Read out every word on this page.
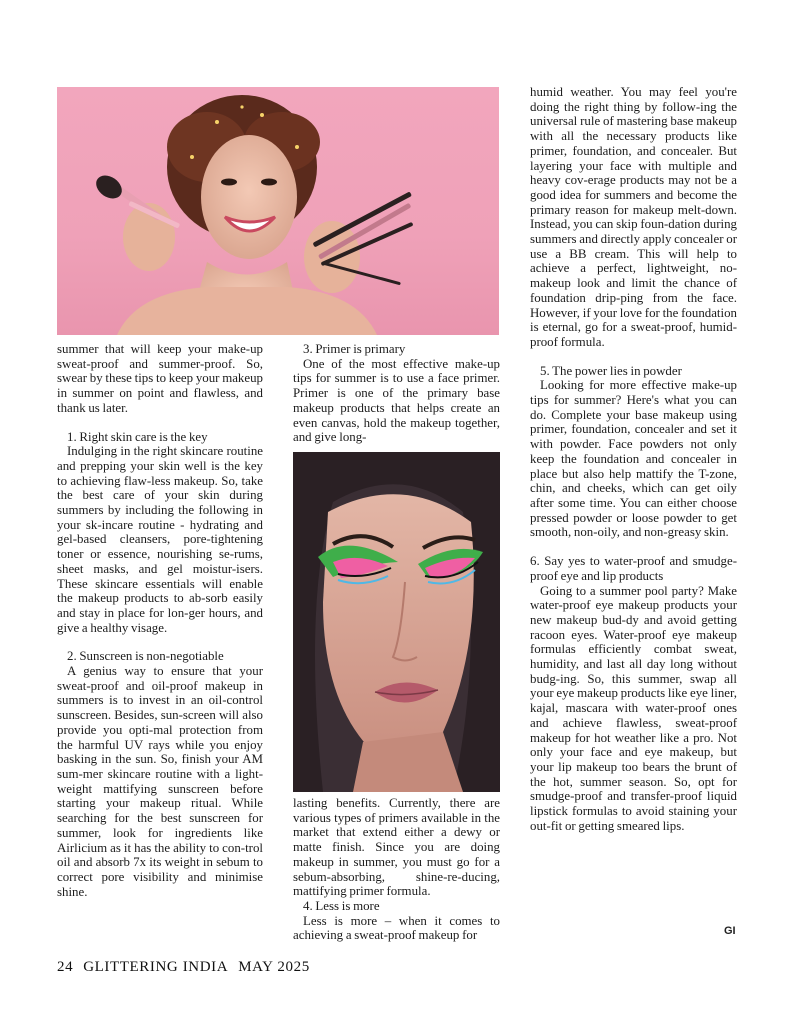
summer that will keep your make-up sweat-proof and summer-proof. So, swear by these tips to keep your makeup in summer on point and flawless, and thank us later.

1. Right skin care is the key

Indulging in the right skincare routine and prepping your skin well is the key to achieving flaw-less makeup. So, take the best care of your skin during summers by including the following in your sk-incare routine - hydrating and gel-based cleansers, pore-tightening toner or essence, nourishing se-rums, sheet masks, and gel moistur-isers. These skincare essentials will enable the makeup products to ab-sorb easily and stay in place for lon-ger hours, and give a healthy visage.

2. Sunscreen is non-negotiable

A genius way to ensure that your sweat-proof and oil-proof makeup in summers is to invest in an oil-control sunscreen. Besides, sun-screen will also provide you opti-mal protection from the harmful UV rays while you enjoy basking in the sun. So, finish your AM sum-mer skincare routine with a light-weight mattifying sunscreen before starting your makeup ritual. While searching for the best sunscreen for summer, look for ingredients like Airlicium as it has the ability to con-trol oil and absorb 7x its weight in sebum to correct pore visibility and minimise shine.

3. Primer is primary

One of the most effective make-up tips for summer is to use a face primer. Primer is one of the primary base makeup products that helps create an even canvas, hold the makeup together, and give long-

lasting benefits. Currently, there are various types of primers available in the market that extend either a dewy or matte finish. Since you are doing makeup in summer, you must go for a sebum-absorbing, shine-re-ducing, mattifying primer formula.

4. Less is more

Less is more – when it comes to achieving a sweat-proof makeup for

humid weather. You may feel you're doing the right thing by follow-ing the universal rule of mastering base makeup with all the necessary products like primer, foundation, and concealer. But layering your face with multiple and heavy cov-erage products may not be a good idea for summers and become the primary reason for makeup melt-down. Instead, you can skip foun-dation during summers and directly apply concealer or use a BB cream. This will help to achieve a perfect, lightweight, no-makeup look and limit the chance of foundation drip-ping from the face. However, if your love for the foundation is eternal, go for a sweat-proof, humid-proof formula.

5. The power lies in powder

Looking for more effective make-up tips for summer? Here's what you can do. Complete your base makeup using primer, foundation, concealer and set it with powder. Face powders not only keep the foundation and concealer in place but also help mattify the T-zone, chin, and cheeks, which can get oily after some time. You can either choose pressed powder or loose powder to get smooth, non-oily, and non-greasy skin.

6. Say yes to water-proof and smudge-proof eye and lip products

Going to a summer pool party? Make water-proof eye makeup products your new makeup bud-dy and avoid getting racoon eyes. Water-proof eye makeup formulas efficiently combat sweat, humidity, and last all day long without budg-ing. So, this summer, swap all your eye makeup products like eye liner, kajal, mascara with water-proof ones and achieve flawless, sweat-proof makeup for hot weather like a pro. Not only your face and eye makeup, but your lip makeup too bears the brunt of the hot, summer season. So, opt for smudge-proof and transfer-proof liquid lipstick formulas to avoid staining your out-fit or getting smeared lips.

GI
24 GLITTERING INDIA MAY 2025
